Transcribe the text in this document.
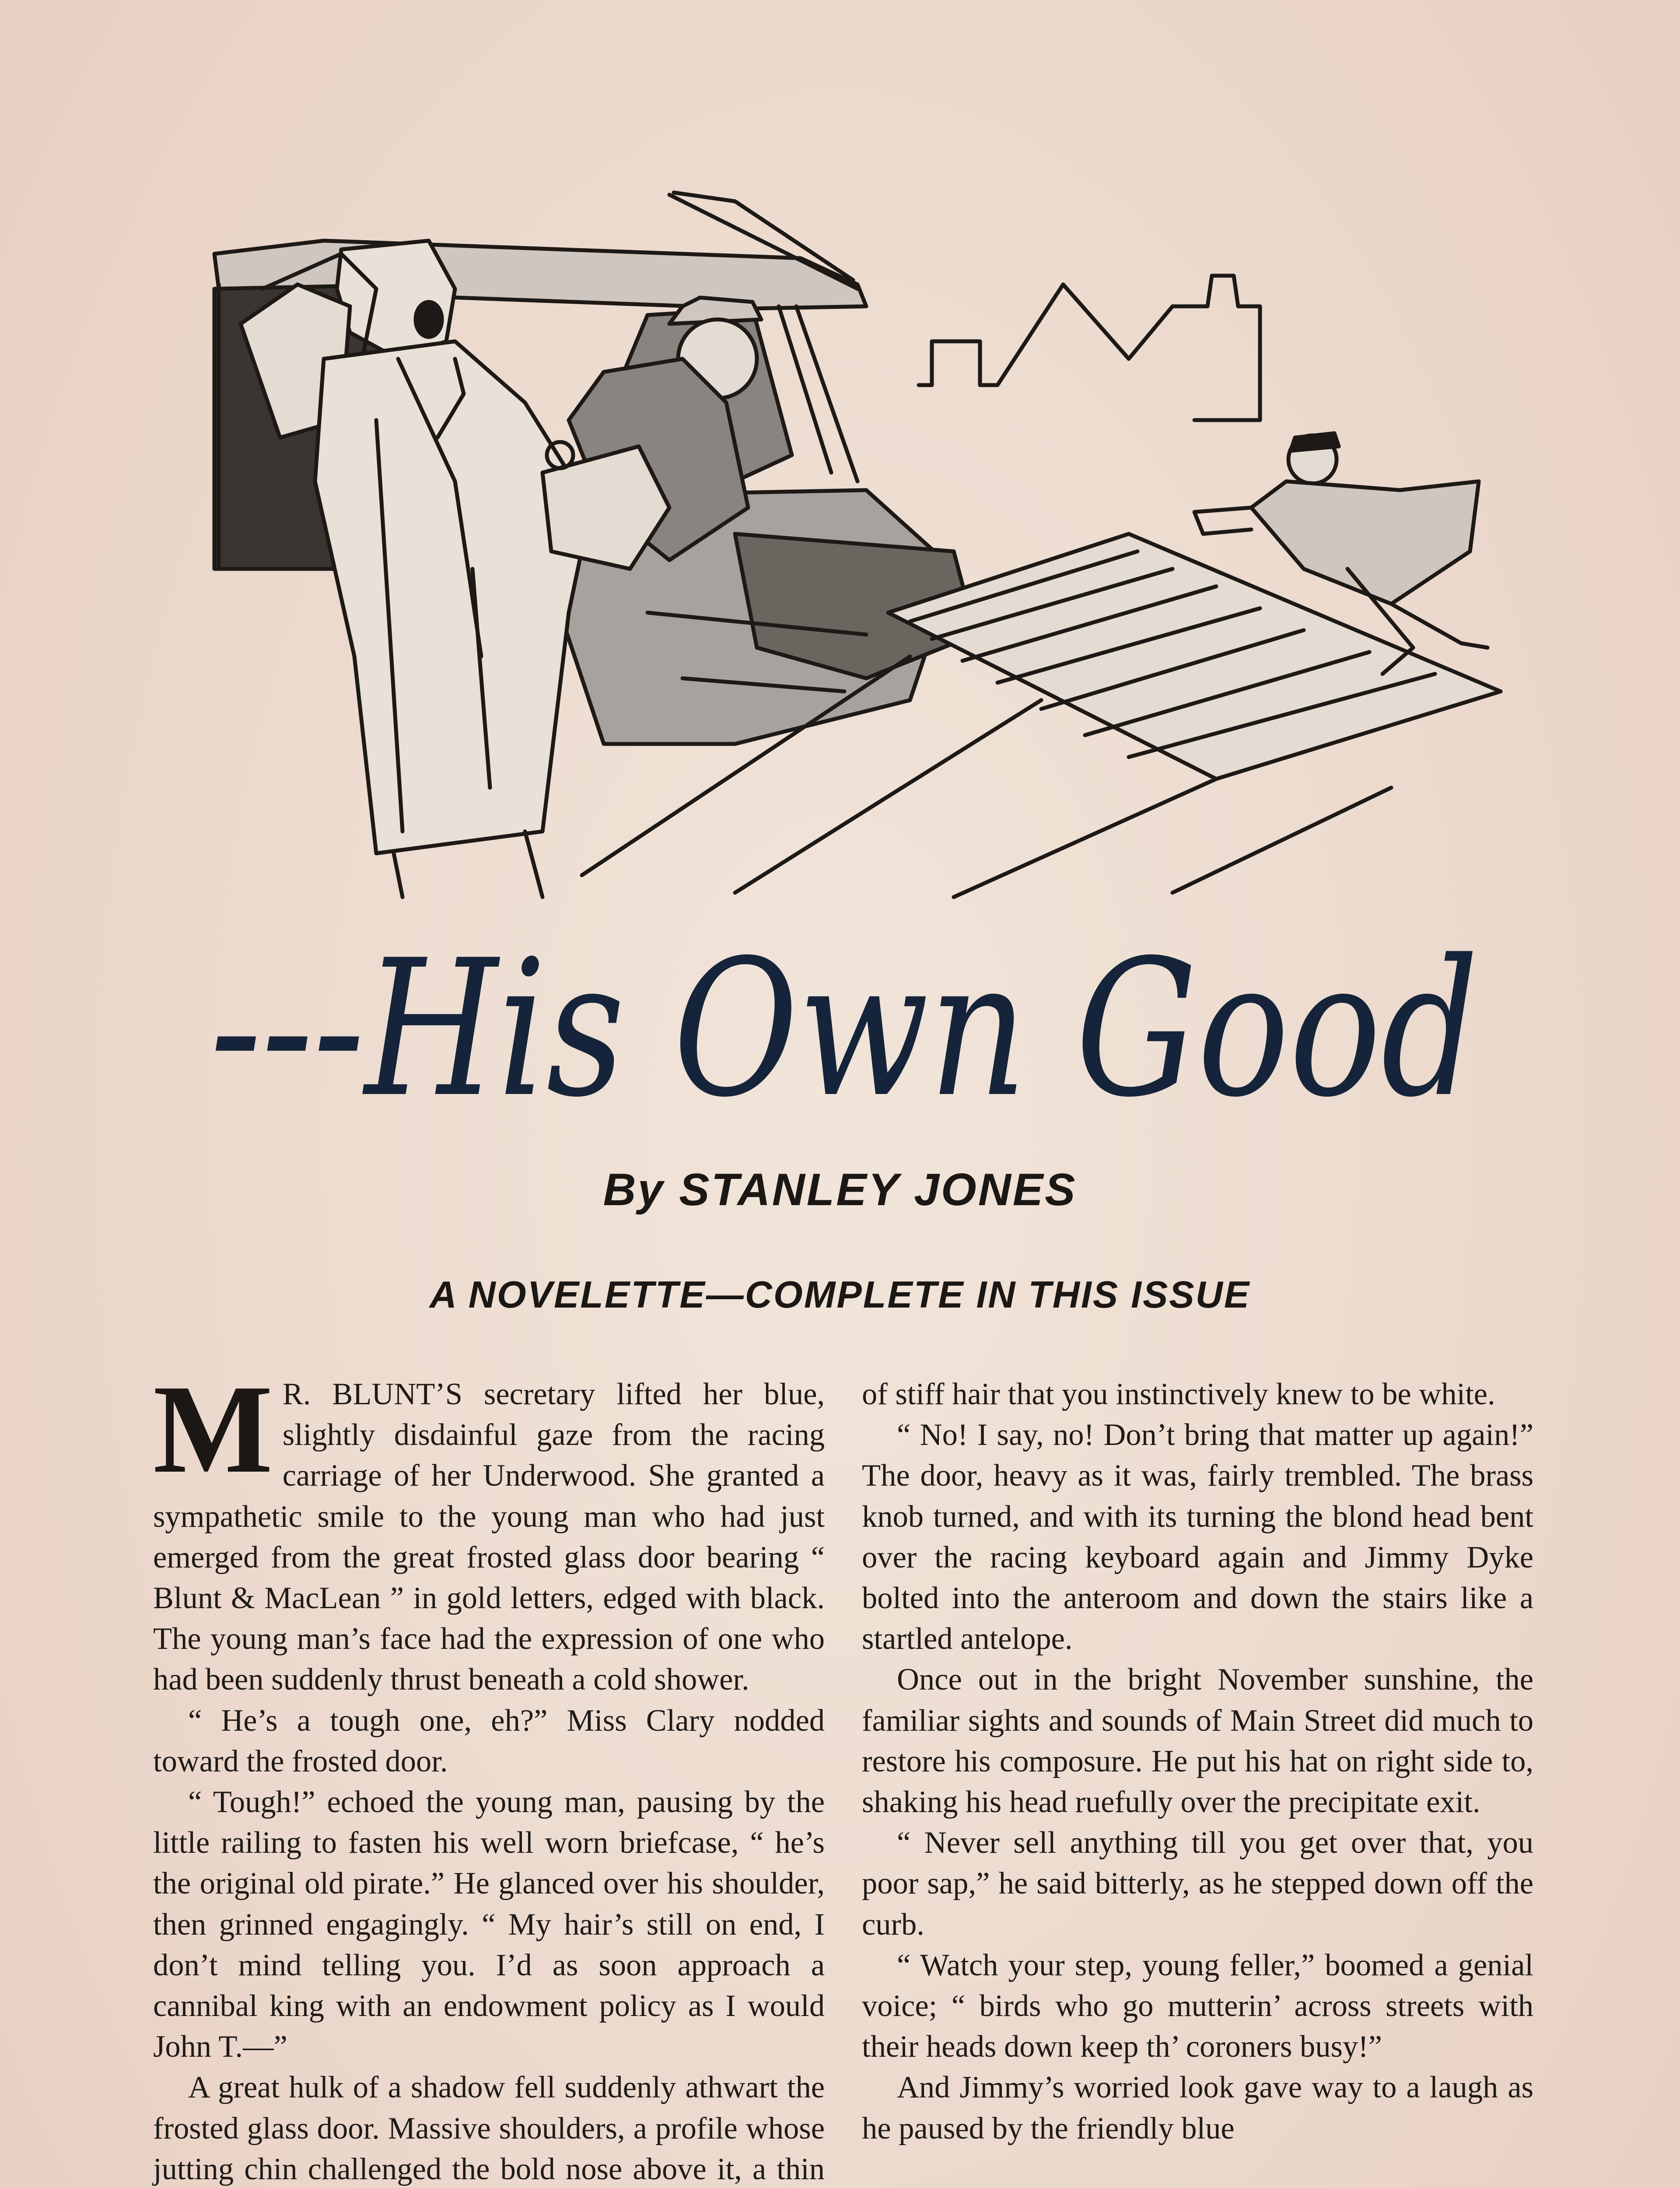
---His Own Good
By STANLEY JONES
A NOVELETTE—COMPLETE IN THIS ISSUE
M R. BLUNT’S secretary lifted her blue, slightly disdainful gaze from the racing carriage of her Underwood. She granted a sympathetic smile to the young man who had just emerged from the great frosted glass door bearing “ Blunt & MacLean ” in gold letters, edged with black. The young man’s face had the expression of one who had been suddenly thrust beneath a cold shower.

“ He’s a tough one, eh?” Miss Clary nodded toward the frosted door.

“ Tough!” echoed the young man, pausing by the little railing to fasten his well worn briefcase, “ he’s the original old pirate.” He glanced over his shoulder, then grinned engagingly. “ My hair’s still on end, I don’t mind telling you. I’d as soon approach a cannibal king with an endowment policy as I would John T.—”

A great hulk of a shadow fell suddenly athwart the frosted glass door. Massive shoulders, a profile whose jutting chin challenged the bold nose above it, a thin

of stiff hair that you instinctively knew to be white.

“ No! I say, no! Don’t bring that matter up again!” The door, heavy as it was, fairly trembled. The brass knob turned, and with its turning the blond head bent over the racing keyboard again and Jimmy Dyke bolted into the anteroom and down the stairs like a startled antelope.

Once out in the bright November sunshine, the familiar sights and sounds of Main Street did much to restore his composure. He put his hat on right side to, shaking his head ruefully over the precipitate exit.

“ Never sell anything till you get over that, you poor sap,” he said bitterly, as he stepped down off the curb.

“ Watch your step, young feller,” boomed a genial voice; “ birds who go mutterin’ across streets with their heads down keep th’ coroners busy!”

And Jimmy’s worried look gave way to a laugh as he paused by the friendly blue
